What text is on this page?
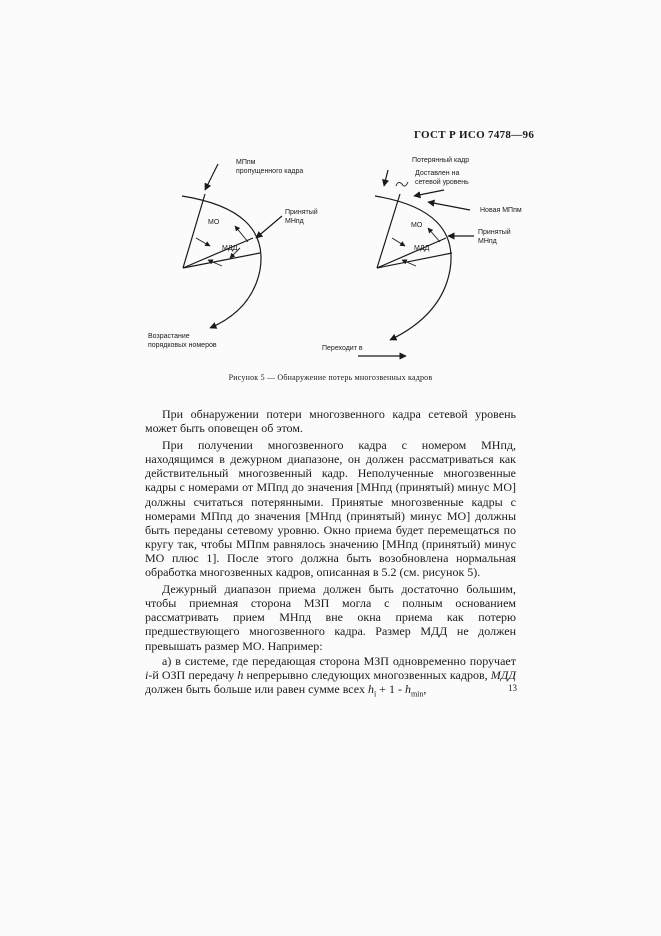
ГОСТ Р ИСО 7478—96
МПпм
пропущенного кадра
МО
МДД
Принятый
МНпд
Возрастание
порядковых номеров
Потерянный кадр
Доставлен на
сетевой уровень
Новая МПпм
МО
МДД
Принятый
МНпд
Переходит в
Рисунок 5 — Обнаружение потерь многозвенных кадров

При обнаружении потери многозвенного кадра сетевой уровень может быть оповещен об этом.

При получении многозвенного кадра с номером МНпд, находящимся в дежурном диапазоне, он должен рассматриваться как действительный многозвенный кадр. Неполученные многозвенные кадры с номерами от МПпд до значения [МНпд (принятый) минус МО] должны считаться потерянными. Принятые многозвенные кадры с номерами МПпд до значения [МНпд (принятый) минус МО] должны быть переданы сетевому уровню. Окно приема будет перемещаться по кругу так, чтобы МПпм равнялось значению [МНпд (принятый) минус МО плюс 1]. После этого должна быть возобновлена нормальная обработка многозвенных кадров, описанная в 5.2 (см. рисунок 5).

Дежурный диапазон приема должен быть достаточно большим, чтобы приемная сторона МЗП могла с полным основанием рассматривать прием МНпд вне окна приема как потерю предшествующего многозвенного кадра. Размер МДД не должен превышать размер МО. Например:

а) в системе, где передающая сторона МЗП одновременно поручает i-й ОЗП передачу h непрерывно следующих многозвенных кадров, МДД должен быть больше или равен сумме всех $h_i + 1 - h_{min}$,	13
